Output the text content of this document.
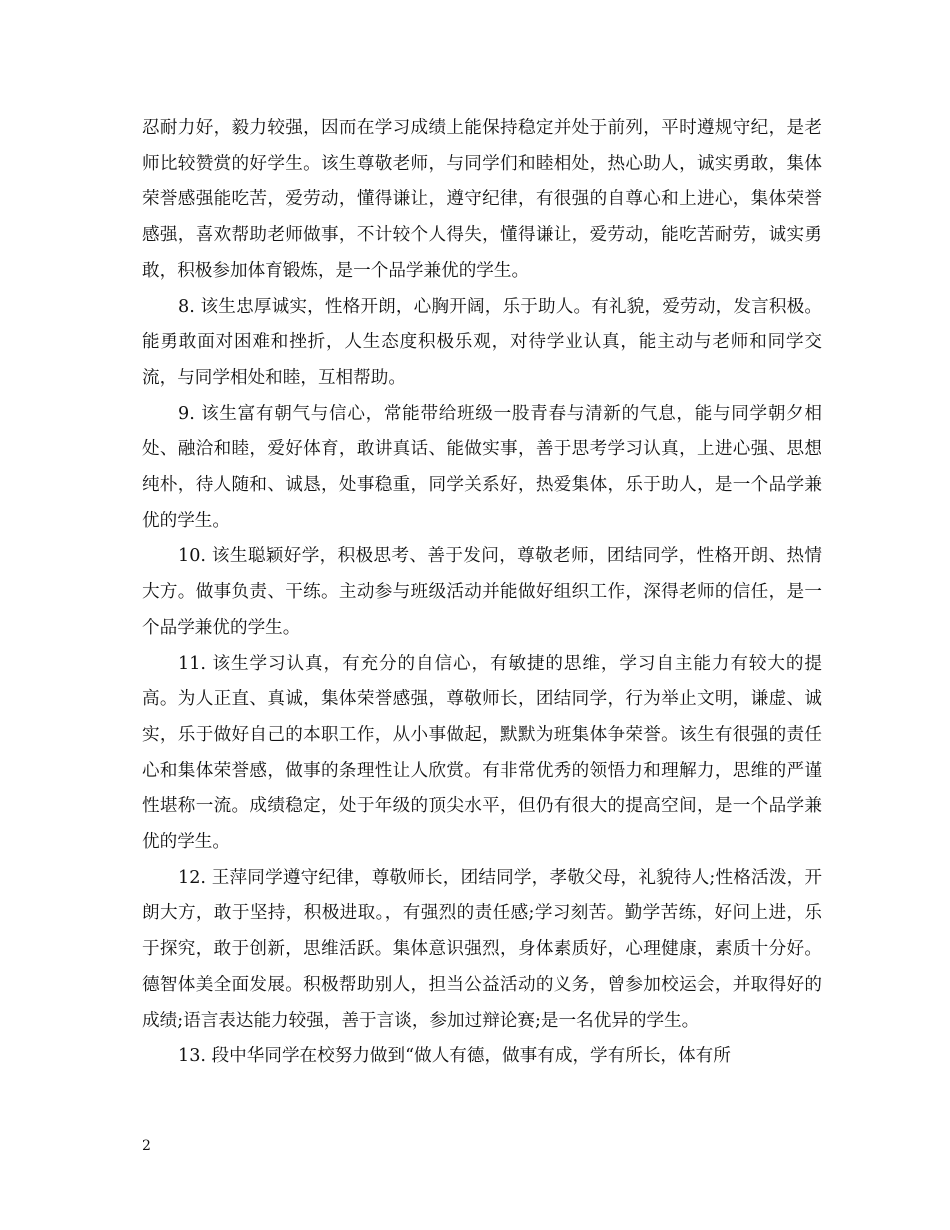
忍耐力好，毅力较强，因而在学习成绩上能保持稳定并处于前列，平时遵规守纪，是老师比较赞赏的好学生。该生尊敬老师，与同学们和睦相处，热心助人，诚实勇敢，集体荣誉感强能吃苦，爱劳动，懂得谦让，遵守纪律，有很强的自尊心和上进心，集体荣誉感强，喜欢帮助老师做事，不计较个人得失，懂得谦让，爱劳动，能吃苦耐劳，诚实勇敢，积极参加体育锻炼，是一个品学兼优的学生。

8. 该生忠厚诚实，性格开朗，心胸开阔，乐于助人。有礼貌，爱劳动，发言积极。能勇敢面对困难和挫折，人生态度积极乐观，对待学业认真，能主动与老师和同学交流，与同学相处和睦，互相帮助。

9. 该生富有朝气与信心，常能带给班级一股青春与清新的气息，能与同学朝夕相处、融洽和睦，爱好体育，敢讲真话、能做实事，善于思考学习认真，上进心强、思想纯朴，待人随和、诚恳，处事稳重，同学关系好，热爱集体，乐于助人，是一个品学兼优的学生。

10. 该生聪颖好学，积极思考、善于发问，尊敬老师，团结同学，性格开朗、热情大方。做事负责、干练。主动参与班级活动并能做好组织工作，深得老师的信任，是一个品学兼优的学生。

11. 该生学习认真，有充分的自信心，有敏捷的思维，学习自主能力有较大的提高。为人正直、真诚，集体荣誉感强，尊敬师长，团结同学，行为举止文明，谦虚、诚实，乐于做好自己的本职工作，从小事做起，默默为班集体争荣誉。该生有很强的责任心和集体荣誉感，做事的条理性让人欣赏。有非常优秀的领悟力和理解力，思维的严谨性堪称一流。成绩稳定，处于年级的顶尖水平，但仍有很大的提高空间，是一个品学兼优的学生。

12. 王萍同学遵守纪律，尊敬师长，团结同学，孝敬父母，礼貌待人;性格活泼，开朗大方，敢于坚持，积极进取。，有强烈的责任感;学习刻苦。勤学苦练，好问上进，乐于探究，敢于创新，思维活跃。集体意识强烈，身体素质好，心理健康，素质十分好。德智体美全面发展。积极帮助别人，担当公益活动的义务，曾参加校运会，并取得好的成绩;语言表达能力较强，善于言谈，参加过辩论赛;是一名优异的学生。

13. 段中华同学在校努力做到“做人有德，做事有成，学有所长，体有所

2
